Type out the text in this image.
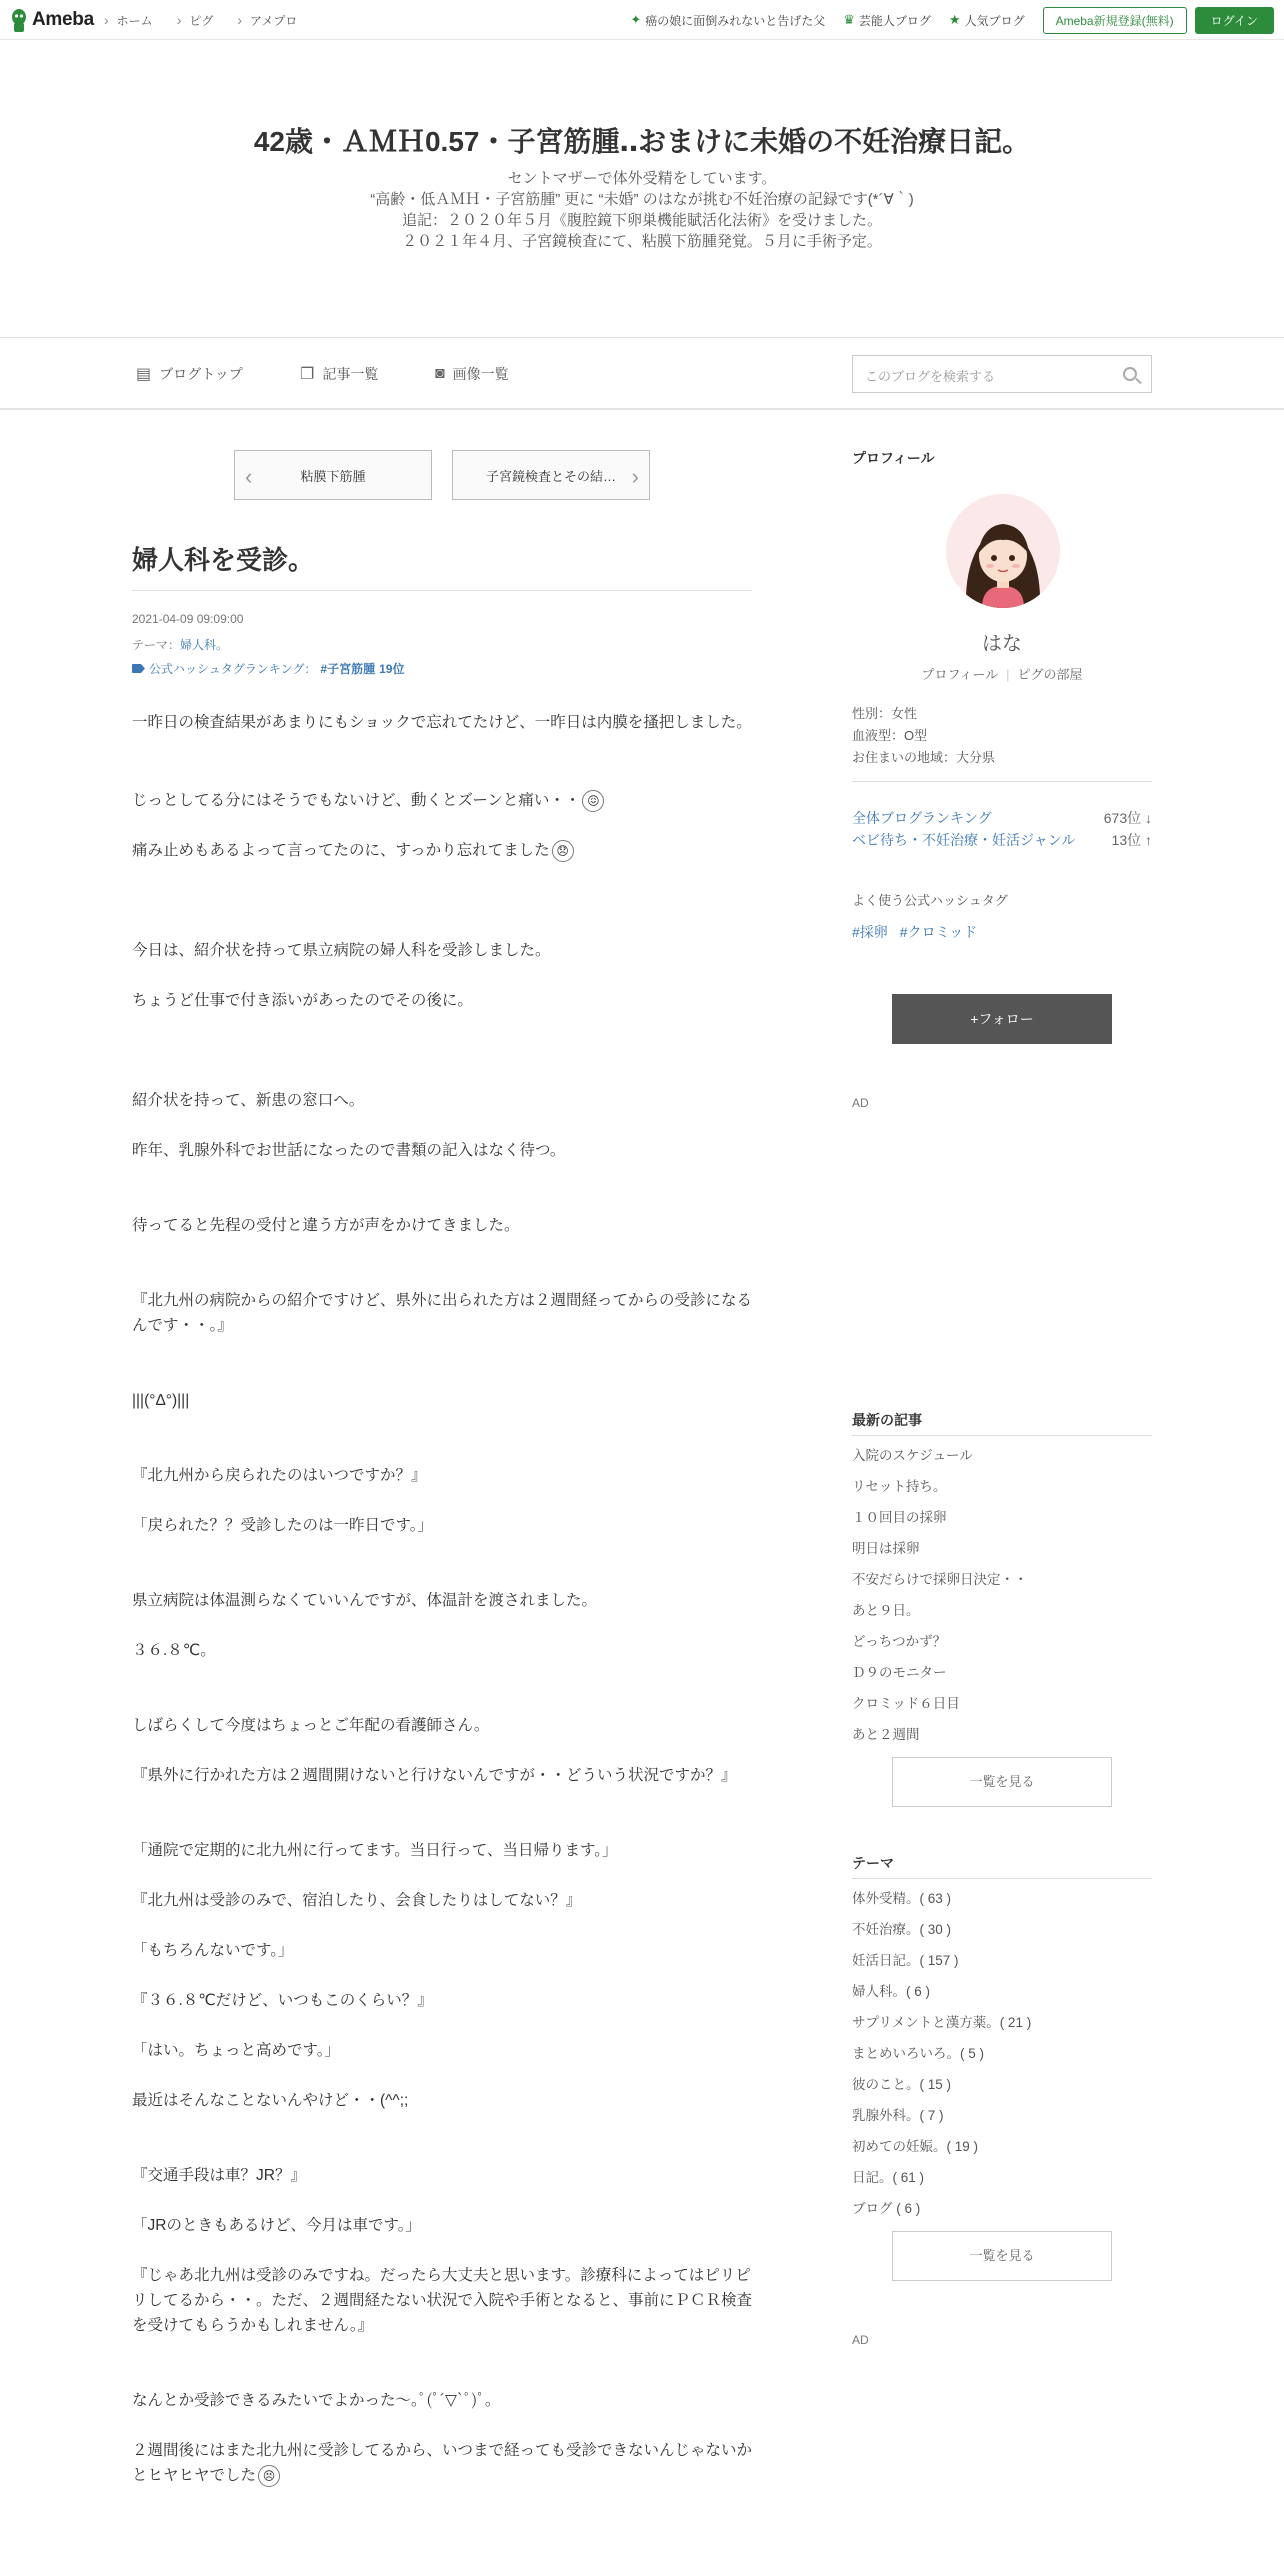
Ameba	› ホーム	› ピグ	› アメプロ	✦ 癌の娘に面倒みれないと告げた父 ♛ 芸能人ブログ ★ 人気ブログ	Ameba新規登録(無料)	ログイン
42歳・ＡＭＨ0.57・子宮筋腫‥おまけに未婚の不妊治療日記。
セントマザーで体外受精をしています。
“高齢・低ＡＭＨ・子宮筋腫” 更に “未婚” のはなが挑む不妊治療の記録です(*´∀｀)
追記：２０２０年５月《腹腔鏡下卵巣機能賦活化法術》を受けました。
２０２１年４月、子宮鏡検査にて、粘膜下筋腫発覚。５月に手術予定。
▤ ブログトップ	❐ 記事一覧	◙ 画像一覧	このブログを検索する
‹	粘膜下筋腫	子宮鏡検査とその結… ›
婦人科を受診。
2021-04-09 09:09:00
テーマ：婦人科。
公式ハッシュタグランキング： #子宮筋腫 19位
一昨日の検査結果があまりにもショックで忘れてたけど、一昨日は内膜を搔把しました。
じっとしてる分にはそうでもないけど、動くとズーンと痛い・・ 😖
痛み止めもあるよって言ってたのに、すっかり忘れてました 😞
今日は、紹介状を持って県立病院の婦人科を受診しました。
ちょうど仕事で付き添いがあったのでその後に。
紹介状を持って、新患の窓口へ。
昨年、乳腺外科でお世話になったので書類の記入はなく待つ。
待ってると先程の受付と違う方が声をかけてきました。
『北九州の病院からの紹介ですけど、県外に出られた方は２週間経ってからの受診になるんです・・。』
|||(°Δ°)|||
『北九州から戻られたのはいつですか？』
「戻られた？？受診したのは一昨日です。」
県立病院は体温測らなくていいんですが、体温計を渡されました。
３６.８℃。
しばらくして今度はちょっとご年配の看護師さん。
『県外に行かれた方は２週間開けないと行けないんですが・・どういう状況ですか？』
「通院で定期的に北九州に行ってます。当日行って、当日帰ります。」
『北九州は受診のみで、宿泊したり、会食したりはしてない？』
「もちろんないです。」
『３６.８℃だけど、いつもこのくらい？』
「はい。ちょっと高めです。」
最近はそんなことないんやけど・・(^^;;
『交通手段は車？JR？』
「JRのときもあるけど、今月は車です。」
『じゃあ北九州は受診のみですね。だったら大丈夫と思います。診療科によってはピリピリしてるから・・。ただ、２週間経たない状況で入院や手術となると、事前にＰＣＲ検査を受けてもらうかもしれません。』
なんとか受診できるみたいでよかった〜｡ﾟ(ﾟ´▽`ﾟ)ﾟ｡
２週間後にはまた北九州に受診してるから、いつまで経っても受診できないんじゃないかとヒヤヒヤでした 😣
プロフィール
はな
プロフィール | ピグの部屋
性別：女性
血液型：O型
お住まいの地域：大分県
全体ブログランキング	673位 ↓
ベビ待ち・不妊治療・妊活ジャンル	13位 ↑
よく使う公式ハッシュタグ
#採卵 #クロミッド
+フォロー
AD
最新の記事
入院のスケジュール
リセット持ち。
１０回目の採卵
明日は採卵
不安だらけで採卵日決定・・
あと９日。
どっちつかず？
Ｄ９のモニター
クロミッド６日目
あと２週間
一覧を見る
テーマ
体外受精。( 63 )
不妊治療。( 30 )
妊活日記。( 157 )
婦人科。( 6 )
サプリメントと漢方薬。( 21 )
まとめいろいろ。( 5 )
彼のこと。( 15 )
乳腺外科。( 7 )
初めての妊娠。( 19 )
日記。( 61 )
ブログ ( 6 )
一覧を見る
AD
